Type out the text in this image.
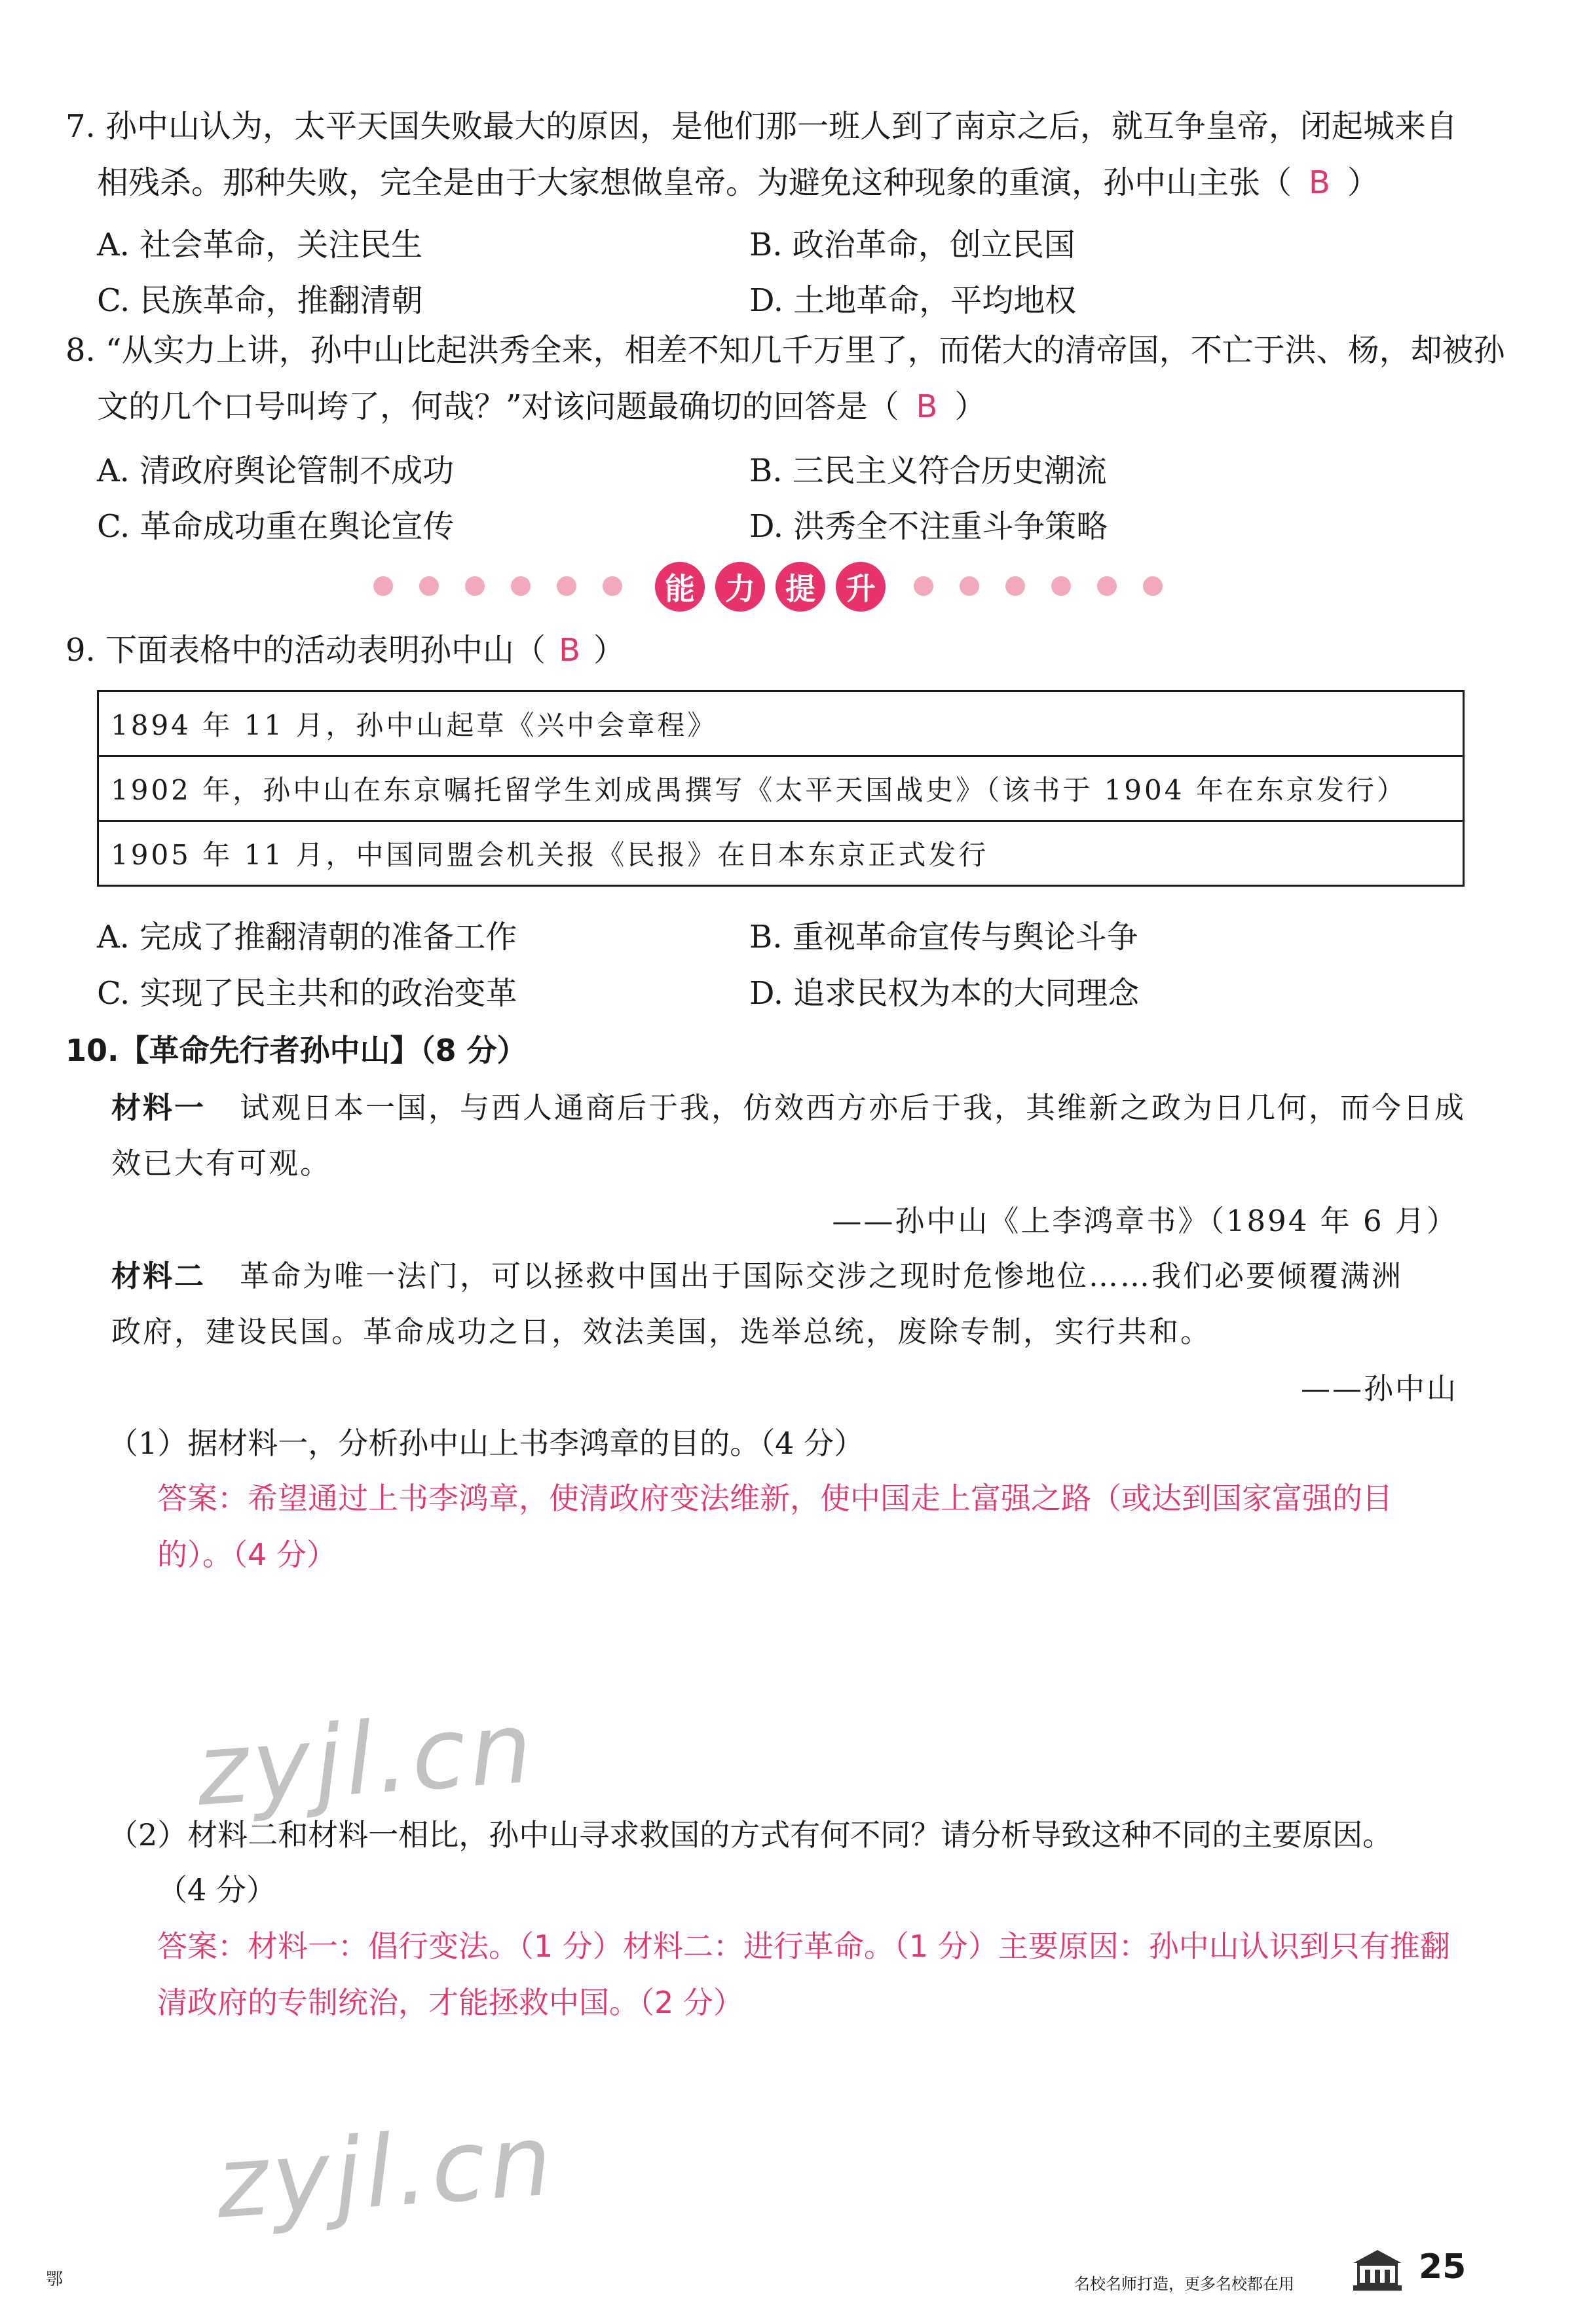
7. 孙中山认为，太平天国失败最大的原因，是他们那一班人到了南京之后，就互争皇帝，闭起城来自
相残杀。那种失败，完全是由于大家想做皇帝。为避免这种现象的重演，孙中山主张（ B ）
A. 社会革命，关注民生	B. 政治革命，创立民国
C. 民族革命，推翻清朝	D. 土地革命，平均地权
8. “从实力上讲，孙中山比起洪秀全来，相差不知几千万里了，而偌大的清帝国，不亡于洪、杨，却被孙
文的几个口号叫垮了，何哉？”对该问题最确切的回答是（ B ）
A. 清政府舆论管制不成功	B. 三民主义符合历史潮流
C. 革命成功重在舆论宣传	D. 洪秀全不注重斗争策略
能	力	提	升
9. 下面表格中的活动表明孙中山（ B ）
1894 年 11 月，孙中山起草《兴中会章程》
1902 年，孙中山在东京嘱托留学生刘成禺撰写《太平天国战史》（该书于 1904 年在东京发行）
1905 年 11 月，中国同盟会机关报《民报》在日本东京正式发行
A. 完成了推翻清朝的准备工作	B. 重视革命宣传与舆论斗争
C. 实现了民主共和的政治变革	D. 追求民权为本的大同理念
10.【革命先行者孙中山】（8 分）
材料一 试观日本一国，与西人通商后于我，仿效西方亦后于我，其维新之政为日几何，而今日成
效已大有可观。
——孙中山《上李鸿章书》（1894 年 6 月）
材料二 革命为唯一法门，可以拯救中国出于国际交涉之现时危惨地位……我们必要倾覆满洲
政府，建设民国。革命成功之日，效法美国，选举总统，废除专制，实行共和。
——孙中山
（1）据材料一，分析孙中山上书李鸿章的目的。（4 分）
答案：希望通过上书李鸿章，使清政府变法维新，使中国走上富强之路（或达到国家富强的目
的）。（4 分）
zyjl.cn
（2）材料二和材料一相比，孙中山寻求救国的方式有何不同？请分析导致这种不同的主要原因。
（4 分）
答案：材料一：倡行变法。（1 分）材料二：进行革命。（1 分）主要原因：孙中山认识到只有推翻
清政府的专制统治，才能拯救中国。（2 分）
zyjl.cn
鄂	名校名师打造，更多名校都在用	25
